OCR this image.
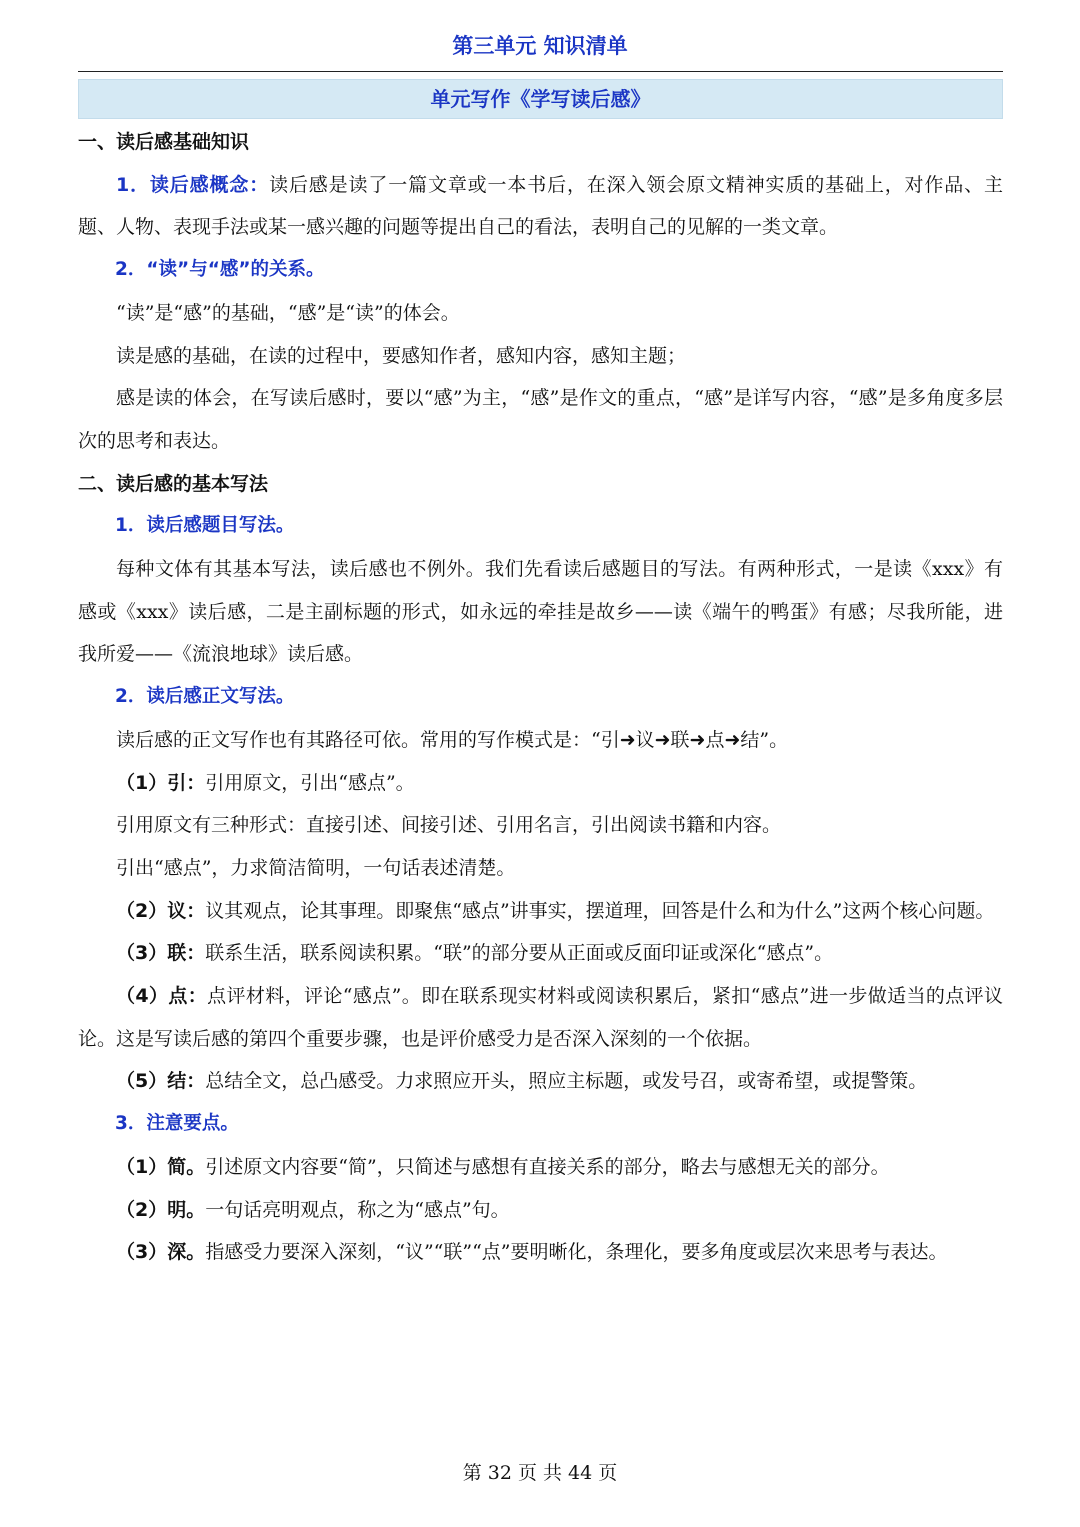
第三单元 知识清单
单元写作《学写读后感》

一、读后感基础知识

1．读后感概念：读后感是读了一篇文章或一本书后，在深入领会原文精神实质的基础上，对作品、主题、人物、表现手法或某一感兴趣的问题等提出自己的看法，表明自己的见解的一类文章。

2．“读”与“感”的关系。

“读”是“感”的基础，“感”是“读”的体会。

读是感的基础，在读的过程中，要感知作者，感知内容，感知主题；

感是读的体会，在写读后感时，要以“感”为主，“感”是作文的重点，“感”是详写内容，“感”是多角度多层次的思考和表达。

二、读后感的基本写法

1．读后感题目写法。

每种文体有其基本写法，读后感也不例外。我们先看读后感题目的写法。有两种形式，一是读《xxx》有感或《xxx》读后感，二是主副标题的形式，如永远的牵挂是故乡——读《端午的鸭蛋》有感；尽我所能，进我所爱——《流浪地球》读后感。

2．读后感正文写法。

读后感的正文写作也有其路径可依。常用的写作模式是：“引➜议➜联➜点➜结”。

（1）引：引用原文，引出“感点”。

引用原文有三种形式：直接引述、间接引述、引用名言，引出阅读书籍和内容。

引出“感点”，力求简洁简明，一句话表述清楚。

（2）议：议其观点，论其事理。即聚焦“感点”讲事实，摆道理，回答是什么和为什么”这两个核心问题。

（3）联：联系生活，联系阅读积累。“联”的部分要从正面或反面印证或深化“感点”。

（4）点：点评材料，评论“感点”。即在联系现实材料或阅读积累后，紧扣“感点”进一步做适当的点评议论。这是写读后感的第四个重要步骤，也是评价感受力是否深入深刻的一个依据。

（5）结：总结全文，总凸感受。力求照应开头，照应主标题，或发号召，或寄希望，或提警策。

3．注意要点。

（1）简。引述原文内容要“简”，只简述与感想有直接关系的部分，略去与感想无关的部分。

（2）明。一句话亮明观点，称之为“感点”句。

（3）深。指感受力要深入深刻，“议”“联”“点”要明晰化，条理化，要多角度或层次来思考与表达。

第 32 页 共 44 页
